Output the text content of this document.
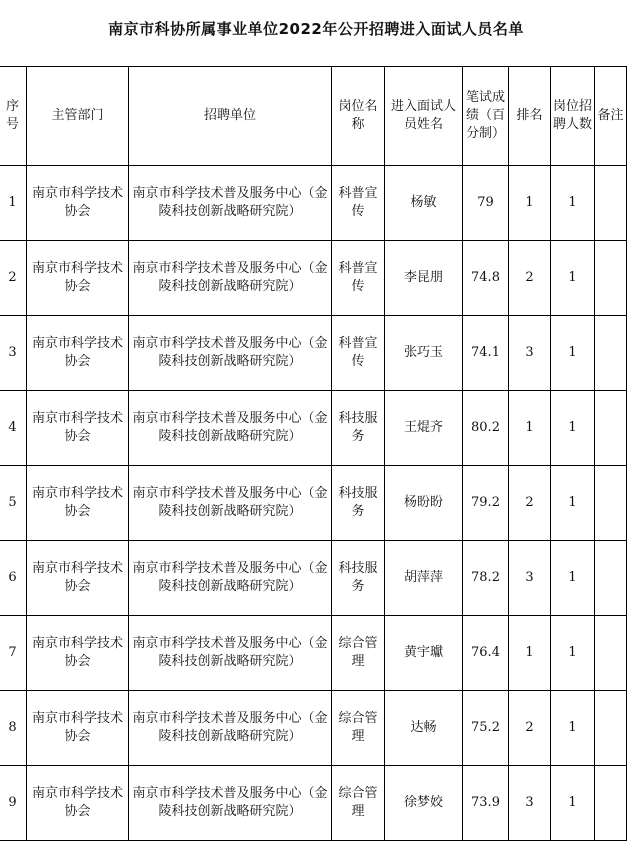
南京市科协所属事业单位2022年公开招聘进入面试人员名单
序号	主管部门	招聘单位	岗位名称	进入面试人员姓名	笔试成绩（百分制）	排名	岗位招聘人数	备注

1	南京市科学技术协会	南京市科学技术普及服务中心（金陵科技创新战略研究院）	科普宣传	杨敏	79	1	1	
2	南京市科学技术协会	南京市科学技术普及服务中心（金陵科技创新战略研究院）	科普宣传	李昆朋	74.8	2	1	
3	南京市科学技术协会	南京市科学技术普及服务中心（金陵科技创新战略研究院）	科普宣传	张巧玉	74.1	3	1	
4	南京市科学技术协会	南京市科学技术普及服务中心（金陵科技创新战略研究院）	科技服务	王焜齐	80.2	1	1	
5	南京市科学技术协会	南京市科学技术普及服务中心（金陵科技创新战略研究院）	科技服务	杨盼盼	79.2	2	1	
6	南京市科学技术协会	南京市科学技术普及服务中心（金陵科技创新战略研究院）	科技服务	胡萍萍	78.2	3	1	
7	南京市科学技术协会	南京市科学技术普及服务中心（金陵科技创新战略研究院）	综合管理	黄宇瓛	76.4	1	1	
8	南京市科学技术协会	南京市科学技术普及服务中心（金陵科技创新战略研究院）	综合管理	达畅	75.2	2	1	
9	南京市科学技术协会	南京市科学技术普及服务中心（金陵科技创新战略研究院）	综合管理	徐梦姣	73.9	3	1	
